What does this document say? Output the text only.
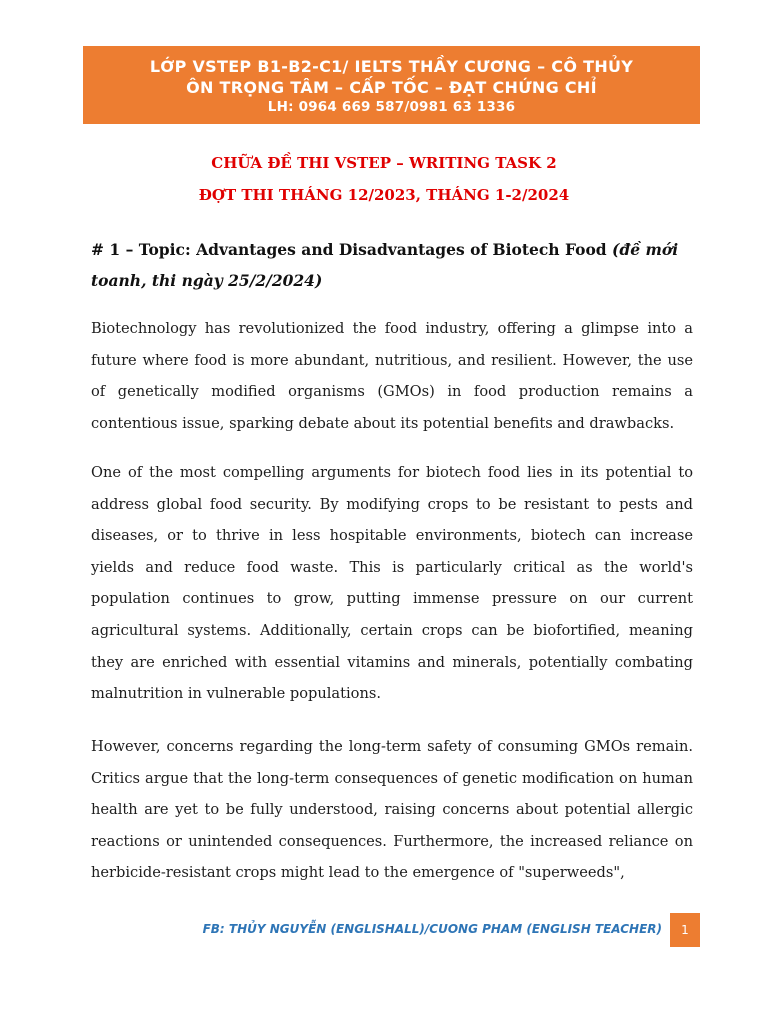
LỚP VSTEP B1-B2-C1/ IELTS THẦY CƯƠNG – CÔ THỦY
ÔN TRỌNG TÂM – CẤP TỐC – ĐẠT CHỨNG CHỈ
LH: 0964 669 587/0981 63 1336
CHỮA ĐỀ THI VSTEP – WRITING TASK 2
ĐỢT THI THÁNG 12/2023, THÁNG 1-2/2024
# 1 – Topic: Advantages and Disadvantages of Biotech Food (đề mới toanh, thi ngày 25/2/2024)

Biotechnology has revolutionized the food industry, offering a glimpse into a future where food is more abundant, nutritious, and resilient. However, the use of genetically modified organisms (GMOs) in food production remains a contentious issue, sparking debate about its potential benefits and drawbacks.

One of the most compelling arguments for biotech food lies in its potential to address global food security. By modifying crops to be resistant to pests and diseases, or to thrive in less hospitable environments, biotech can increase yields and reduce food waste. This is particularly critical as the world's population continues to grow, putting immense pressure on our current agricultural systems. Additionally, certain crops can be biofortified, meaning they are enriched with essential vitamins and minerals, potentially combating malnutrition in vulnerable populations.

However, concerns regarding the long-term safety of consuming GMOs remain. Critics argue that the long-term consequences of genetic modification on human health are yet to be fully understood, raising concerns about potential allergic reactions or unintended consequences. Furthermore, the increased reliance on herbicide-resistant crops might lead to the emergence of "superweeds",

FB: THỦY NGUYỄN (ENGLISHALL)/CUONG PHAM (ENGLISH TEACHER) 1
